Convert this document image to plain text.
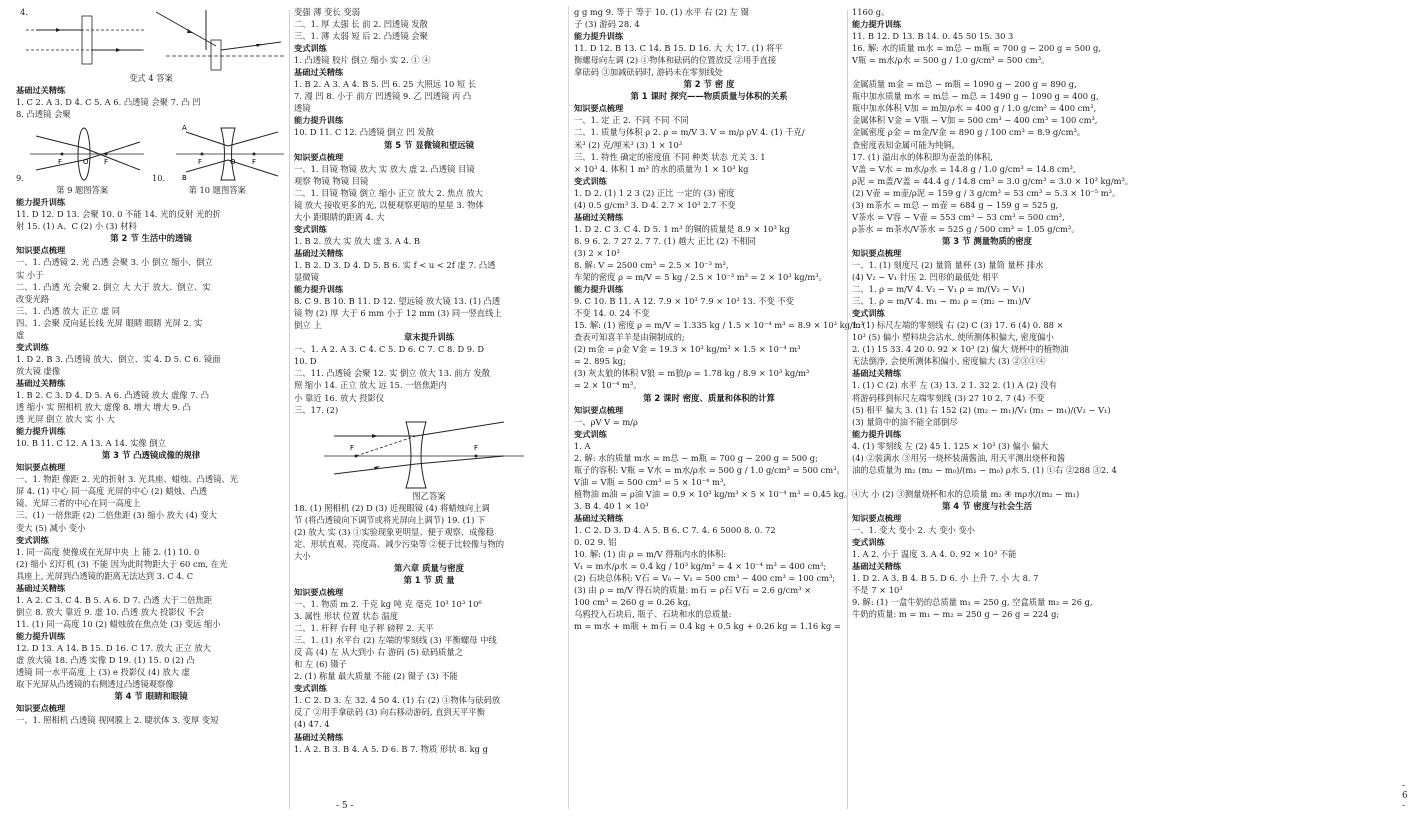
4.
变式 4 答案
基础过关精练
1. C 2. A 3. D 4. C 5. A 6. 凸透镜 会聚 7. 凸 凹
8. 凸透镜 会聚
O
F	F
A
B
F	F
O
9.	10.
第 9 题图答案	第 10 题图答案
能力提升训练
11. D 12. D 13. 会聚 10. 0 不能 14. 光的反射 光的折
射 15. (1) A、C (2) 小 (3) 材料
第 2 节 生活中的透镜
知识要点梳理
一、1. 凸透镜 2. 光 凸透 会聚 3. 小 倒立 缩小、倒立
实 小于
二、1. 凸透 光 会聚 2. 倒立 大 大于 放大、倒立、实
改变光路
三、1. 凸透 放大 正立 虚 同
四、1. 会聚 反向延长线 光屏 眼睛 眼睛 光屏 2. 实
虚
变式训练
1. D 2. B 3. 凸透镜 放大、倒立、实 4. D 5. C 6. 镜面
放大镜 虚像
基础过关精练
1. B 2. C 3. D 4. D 5. A 6. 凸透镜 放大 虚像 7. 凸
透 缩小 实 照相机 放大 虚像 8. 增大 增大 9. 凸
透 光屏 倒立 放大 实 小 大
能力提升训练
10. B 11. C 12. A 13. A 14. 实像 倒立
第 3 节 凸透镜成像的规律
知识要点梳理
一、1. 物距 像距 2. 光的折射 3. 光具座、蜡烛、凸透镜、光
屏 4. (1) 中心 同一高度 光屏的中心 (2) 蜡烛、凸透
镜、光屏三者的中心在同一高度上
三、(1) 一倍焦距 (2) 二倍焦距 (3) 缩小 放大 (4) 变大
变大 (5) 减小 变小
变式训练
1. 同一高度 使像成在光屏中央 上 能 2. (1) 10. 0
(2) 缩小 幻灯机 (3) 不能 因为此时物距大于 60 cm, 在光
具座上, 光屏到凸透镜的距离无法达到 3. C 4. C
基础过关精练
1. A 2. C 3. C 4. B 5. A 6. D 7. 凸透 大于二倍焦距
倒立 8. 放大 靠近 9. 虚 10. 凸透 放大 投影仪 不会
11. (1) 同一高度 10 (2) 蜡烛放在焦点处 (3) 变远 缩小
能力提升训练
12. D 13. A 14. B 15. D 16. C 17. 放大 正立 放大
虚 放大镜 18. 凸透 实像 D 19. (1) 15. 0 (2) 凸
透镜 同一水平高度 上 (3) e 投影仪 (4) 放大 虚
取下光屏从凸透镜的右侧透过凸透镜观察像
第 4 节 眼睛和眼镜
知识要点梳理
一、1. 照相机 凸透镜 视网膜上 2. 睫状体 3. 变厚 变短
变强 薄 变长 变弱
二、1. 厚 太强 长 前 2. 凹透镜 发散
三、1. 薄 太弱 短 后 2. 凸透镜 会聚
变式训练
1. 凸透镜 胶片 倒立 缩小 实 2. ① ④
基础过关精练
1. B 2. A 3. A 4. B 5. 凹 6. 25 大照远 10 短 长
7. 漫 凹 8. 小于 前方 凹透镜 9. 乙 凹透镜 丙 凸
透镜
能力提升训练
10. D 11. C 12. 凸透镜 倒立 凹 发散
第 5 节 显微镜和望远镜
知识要点梳理
一、1. 目镜 物镜 放大 实 放大 虚 2. 凸透镜 目镜
观察 物镜 物镜 目镜
二、1. 目镜 物镜 倒立 缩小 正立 放大 2. 焦点 放大
镜 放大 接收更多的光, 以便观察更暗的星星 3. 物体
大小 距眼睛的距离 4. 大
变式训练
1. B 2. 放大 实 放大 虚 3. A 4. B
基础过关精练
1. B 2. D 3. D 4. D 5. B 6. 实 f < u < 2f 虚 7. 凸透
显微镜
能力提升训练
8. C 9. B 10. B 11. D 12. 望远镜 放大镜 13. (1) 凸透
镜 物 (2) 厚 大于 6 mm 小于 12 mm (3) 同一竖直线上
倒立 上
章末提升训练
一、1. A 2. A 3. C 4. C 5. D 6. C 7. C 8. D 9. D
10. D
二、11. 凸透镜 会聚 12. 实 倒立 放大 13. 前方 发散
照 缩小 14. 正立 放大 远 15. 一倍焦距内
小 靠近 16. 放大 投影仪
三、17. (2)
F	F
图乙答案
18. (1) 照相机 (2) D (3) 近视眼镜 (4) 将蜡烛向上调
节 (将凸透镜向下调节或将光屏向上调节) 19. (1) 下
(2) 放大 实 (3) ①实验现象更明显、便于观察、成像稳
定、形状直观、亮度高、减少污染等 ②便于比较像与物的
大小
第六章 质量与密度
第 1 节 质 量
知识要点梳理
一、1. 物质 m 2. 千克 kg 吨 克 毫克 10³ 10³ 10⁶
3. 属性 形状 位置 状态 温度
二、1. 杆秤 台秤 电子秤 磅秤 2. 天平
三、1. (1) 水平台 (2) 左端的零刻线 (3) 平衡螺母 中线
反 高 (4) 左 从大到小 右 游码 (5) 砝码质量之
和 左 (6) 镊子
2. (1) 称量 最大质量 不能 (2) 镊子 (3) 不能
变式训练
1. C 2. D 3. 左 32. 4 50 4. (1) 右 (2) ①物体与砝码放
反了 ②用手拿砝码 (3) 向右移动游码, 直到天平平衡
(4) 47. 4
基础过关精练
1. A 2. B 3. B 4. A 5. D 6. B 7. 物质 形状 8. kg g
- 5 -
g g mg 9. 等于 等于 10. (1) 水平 右 (2) 左 镊
子 (3) 游码 28. 4
能力提升训练
11. D 12. B 13. C 14. B 15. D 16. 大 大 17. (1) 将平
衡螺母向左调 (2) ①物体和砝码的位置放反 ②用手直接
拿砝码 ③加减砝码时, 游码未在零刻线处
第 2 节 密 度
第 1 课时 探究——物质质量与体积的关系
知识要点梳理
一、1. 定 正 2. 不同 不同 不同
二、1. 质量与体积 ρ 2. ρ = m/V 3. V = m/ρ ρV 4. (1) 千克/
米³ (2) 克/厘米³ (3) 1 × 10³
三、1. 特性 确定的密度值 不同 种类 状态 尤关 3. 1
× 10³ 4. 体积 1 m³ 的水的质量为 1 × 10³ kg
变式训练
1. D 2. (1) 1 2 3 (2) 正比 一定的 (3) 密度
(4) 0.5 g/cm³ 3. D 4. 2.7 × 10³ 2.7 不变
基础过关精练
1. D 2. C 3. C 4. D 5. 1 m³ 的铜的质量是 8.9 × 10³ kg
8. 9 6. 2. 7 27 2. 7 7. (1) 越大 正比 (2) 不相同
(3) 2 × 10³
8. 解: V = 2500 cm³ = 2.5 × 10⁻³ m³,
车架的密度 ρ = m/V = 5 kg / 2.5 × 10⁻³ m³ = 2 × 10³ kg/m³。
能力提升训练
9. C 10. B 11. A 12. 7.9 × 10³ 7.9 × 10³ 13. 不变 不变
不变 14. 0. 24 不变
15. 解: (1) 密度 ρ = m/V = 1.335 kg / 1.5 × 10⁻⁴ m³ = 8.9 × 10³ kg/m³
查表可知喜羊羊是由铜制成的;
(2) m金 = ρ金 V金 = 19.3 × 10³ kg/m³ × 1.5 × 10⁻⁴ m³
= 2. 895 kg;
(3) 灰太狼的体积 V狼 = m狼/ρ = 1.78 kg / 8.9 × 10³ kg/m³
= 2 × 10⁻⁴ m³。
第 2 课时 密度、质量和体积的计算
知识要点梳理
一、ρV V = m/ρ
变式训练
1. A
2. 解: 水的质量 m水 = m总 − m瓶 = 700 g − 200 g = 500 g;
瓶子的容积: V瓶 = V水 = m水/ρ水 = 500 g / 1.0 g/cm³ = 500 cm³。
V油 = V瓶 = 500 cm³ = 5 × 10⁻⁴ m³,
植物油 m油 = ρ油 V油 = 0.9 × 10³ kg/m³ × 5 × 10⁻⁴ m³ = 0.45 kg。
3. B 4. 40 1 × 10³
基础过关精练
1. C 2. D 3. D 4. A 5. B 6. C 7. 4. 6 5000 8. 0. 72
0. 02 9. 铝
10. 解: (1) 由 ρ = m/V 得瓶内水的体积:
V₁ = m水/ρ水 = 0.4 kg / 10³ kg/m³ = 4 × 10⁻⁴ m³ = 400 cm³;
(2) 石块总体积: V石 = V₀ − V₁ = 500 cm³ − 400 cm³ = 100 cm³;
(3) 由 ρ = m/V 得石块的质量: m石 = ρ石 V石 = 2.6 g/cm³ ×
100 cm³ = 260 g = 0.26 kg,
乌鸦投入石块后, 瓶子、石块和水的总质量:
m = m水 + m瓶 + m石 = 0.4 kg + 0.5 kg + 0.26 kg = 1.16 kg =
1160 g。
能力提升训练
11. B 12. D 13. B 14. 0. 45 50 15. 30 3
16. 解: 水的质量 m水 = m总 − m瓶 = 700 g − 200 g = 500 g,
V瓶 = m水/ρ水 = 500 g / 1.0 g/cm³ = 500 cm³。

金属质量 m金 = m总 − m瓶 = 1090 g − 200 g = 890 g,
瓶中加水质量 m水 = m总 − m总 = 1490 g − 1090 g = 400 g,
瓶中加水体积 V加 = m加/ρ水 = 400 g / 1.0 g/cm³ = 400 cm³,
金属体积 V金 = V瓶 − V加 = 500 cm³ − 400 cm³ = 100 cm³,
金属密度 ρ金 = m金/V金 = 890 g / 100 cm³ = 8.9 g/cm³。
查密度表知金属可能为纯铜。
17. (1) 溢出水的体积即为壶盖的体积,
V盖 = V水 = m水/ρ水 = 14.8 g / 1.0 g/cm³ = 14.8 cm³,
ρ泥 = m盖/V盖 = 44.4 g / 14.8 cm³ = 3.0 g/cm³ = 3.0 × 10³ kg/m³。
(2) V壶 = m壶/ρ泥 = 159 g / 3 g/cm³ = 53 cm³ = 5.3 × 10⁻⁵ m³。
(3) m茶水 = m总 − m壶 = 684 g − 159 g = 525 g,
V茶水 = V容 − V壶 = 553 cm³ − 53 cm³ = 500 cm³,
ρ茶水 = m茶水/V茶水 = 525 g / 500 cm³ = 1.05 g/cm³。
第 3 节 测量物质的密度
知识要点梳理
一、1. (1) 刻度尺 (2) 量筒 量杯 (3) 量筒 量杯 排水
(4) V₂ − V₁ 针压 2. 凹形的最低处 相平
二、1. ρ = m/V 4. V₂ − V₁ ρ = m/(V₂ − V₁)
三、1. ρ = m/V 4. m₁ − m₂ ρ = (m₂ − m₁)/V
变式训练
1. (1) 标尺左端的零刻线 右 (2) C (3) 17. 6 (4) 0. 88 ×
10³ (5) 偏小 塑料块会沾水, 使所测体积偏大, 密度偏小
2. (1) 15 33. 4 20 0. 92 × 10³ (2) 偏大 烧杯中的植物油
无法倒净, 会使所测体积偏小, 密度偏大 (3) ②③①④
基础过关精练
1. (1) C (2) 水平 左 (3) 13. 2 1. 32 2. (1) A (2) 没有
将游码移到标尺左端零刻线 (3) 27 10 2. 7 (4) 不变
(5) 相平 偏大 3. (1) 右 152 (2) (m₂ − m₁)/V₁ (m₁ − m₁)/(V₂ − V₁)
(3) 量筒中的油不能全部倒尽
能力提升训练
4. (1) 零刻线 左 (2) 45 1. 125 × 10³ (3) 偏小 偏大
(4) ②装满水 ③用另一烧杯装满酱油, 用天平测出烧杯和酱
油的总质量为 m₂ (m₂ − m₀)/(m₁ − m₀) ρ水 5. (1) ①右 ②288 ③2. 4

④大 小 (2) ③测量烧杯和水的总质量 m₂ ④ mρ水/(m₂ − m₁)
第 4 节 密度与社会生活
知识要点梳理
一、1. 变大 变小 2. 大 变小 变小
变式训练
1. A 2. 小于 温度 3. A 4. 0. 92 × 10³ 不能
基础过关精练
1. D 2. A 3. B 4. B 5. D 6. 小 上升 7. 小 大 8. 7
不是 7 × 10³
9. 解: (1) 一盒牛奶的总质量 m₁ = 250 g, 空盒质量 m₂ = 26 g,
牛奶的质量: m = m₁ − m₂ = 250 g − 26 g = 224 g;
- 6 -
